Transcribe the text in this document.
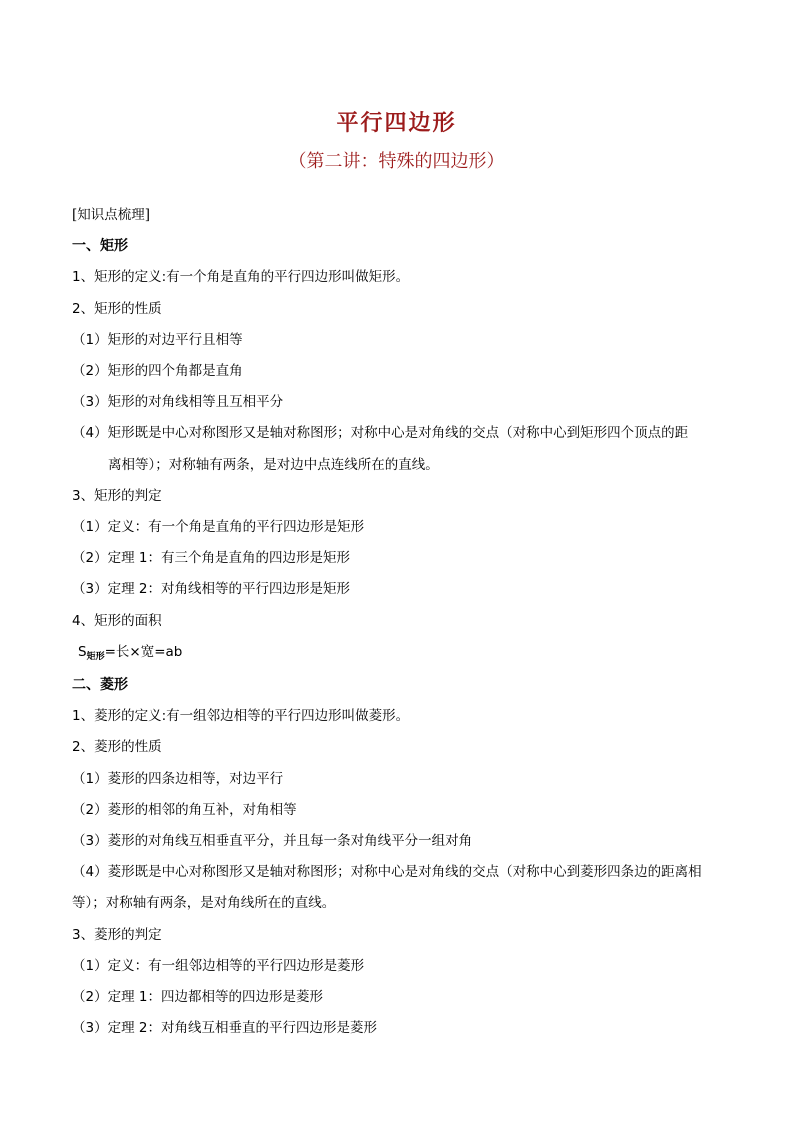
平行四边形
（第二讲：特殊的四边形）
[知识点梳理]
一、矩形
1、矩形的定义:有一个角是直角的平行四边形叫做矩形。
2、矩形的性质
（1）矩形的对边平行且相等
（2）矩形的四个角都是直角
（3）矩形的对角线相等且互相平分
（4）矩形既是中心对称图形又是轴对称图形；对称中心是对角线的交点（对称中心到矩形四个顶点的距
离相等）；对称轴有两条，是对边中点连线所在的直线。
3、矩形的判定
（1）定义：有一个角是直角的平行四边形是矩形
（2）定理 1：有三个角是直角的四边形是矩形
（3）定理 2：对角线相等的平行四边形是矩形
4、矩形的面积
$S_{矩形}=$长×宽=ab
二、菱形
1、菱形的定义:有一组邻边相等的平行四边形叫做菱形。
2、菱形的性质
（1）菱形的四条边相等，对边平行
（2）菱形的相邻的角互补，对角相等
（3）菱形的对角线互相垂直平分，并且每一条对角线平分一组对角
（4）菱形既是中心对称图形又是轴对称图形；对称中心是对角线的交点（对称中心到菱形四条边的距离相
等）；对称轴有两条，是对角线所在的直线。
3、菱形的判定
（1）定义：有一组邻边相等的平行四边形是菱形
（2）定理 1：四边都相等的四边形是菱形
（3）定理 2：对角线互相垂直的平行四边形是菱形
